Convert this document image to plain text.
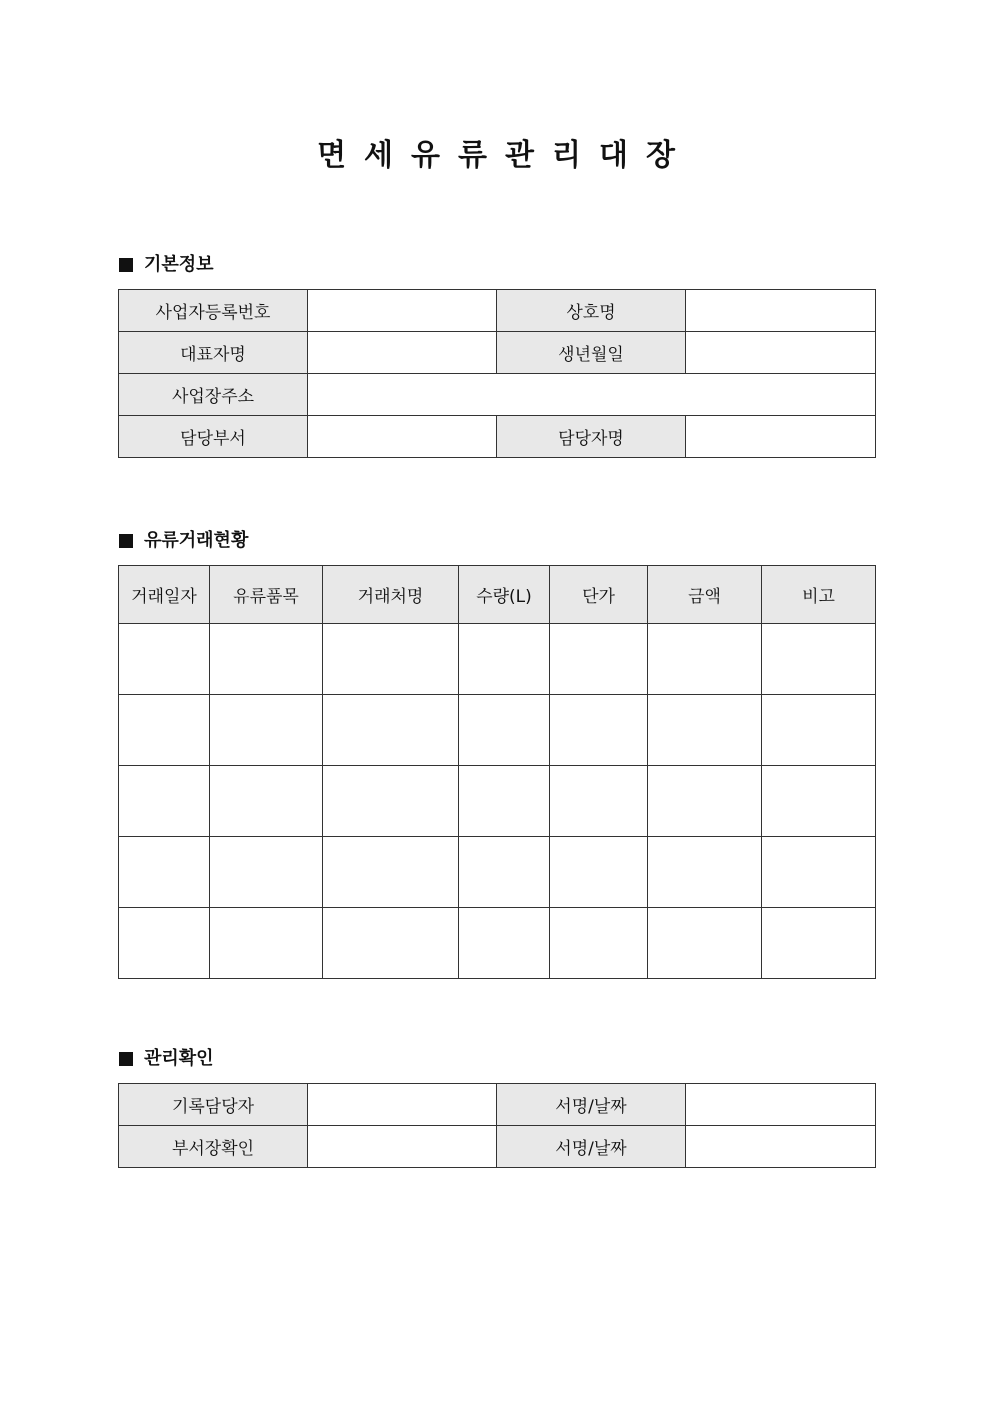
면세유류관리대장
기본정보
사업자등록번호		상호명	
대표자명		생년월일	
사업장주소			
담당부서		담당자명	
유류거래현황
거래일자	유류품목	거래처명	수량(L)	단가	금액	비고

관리확인
기록담당자		서명/날짜	
부서장확인		서명/날짜	
